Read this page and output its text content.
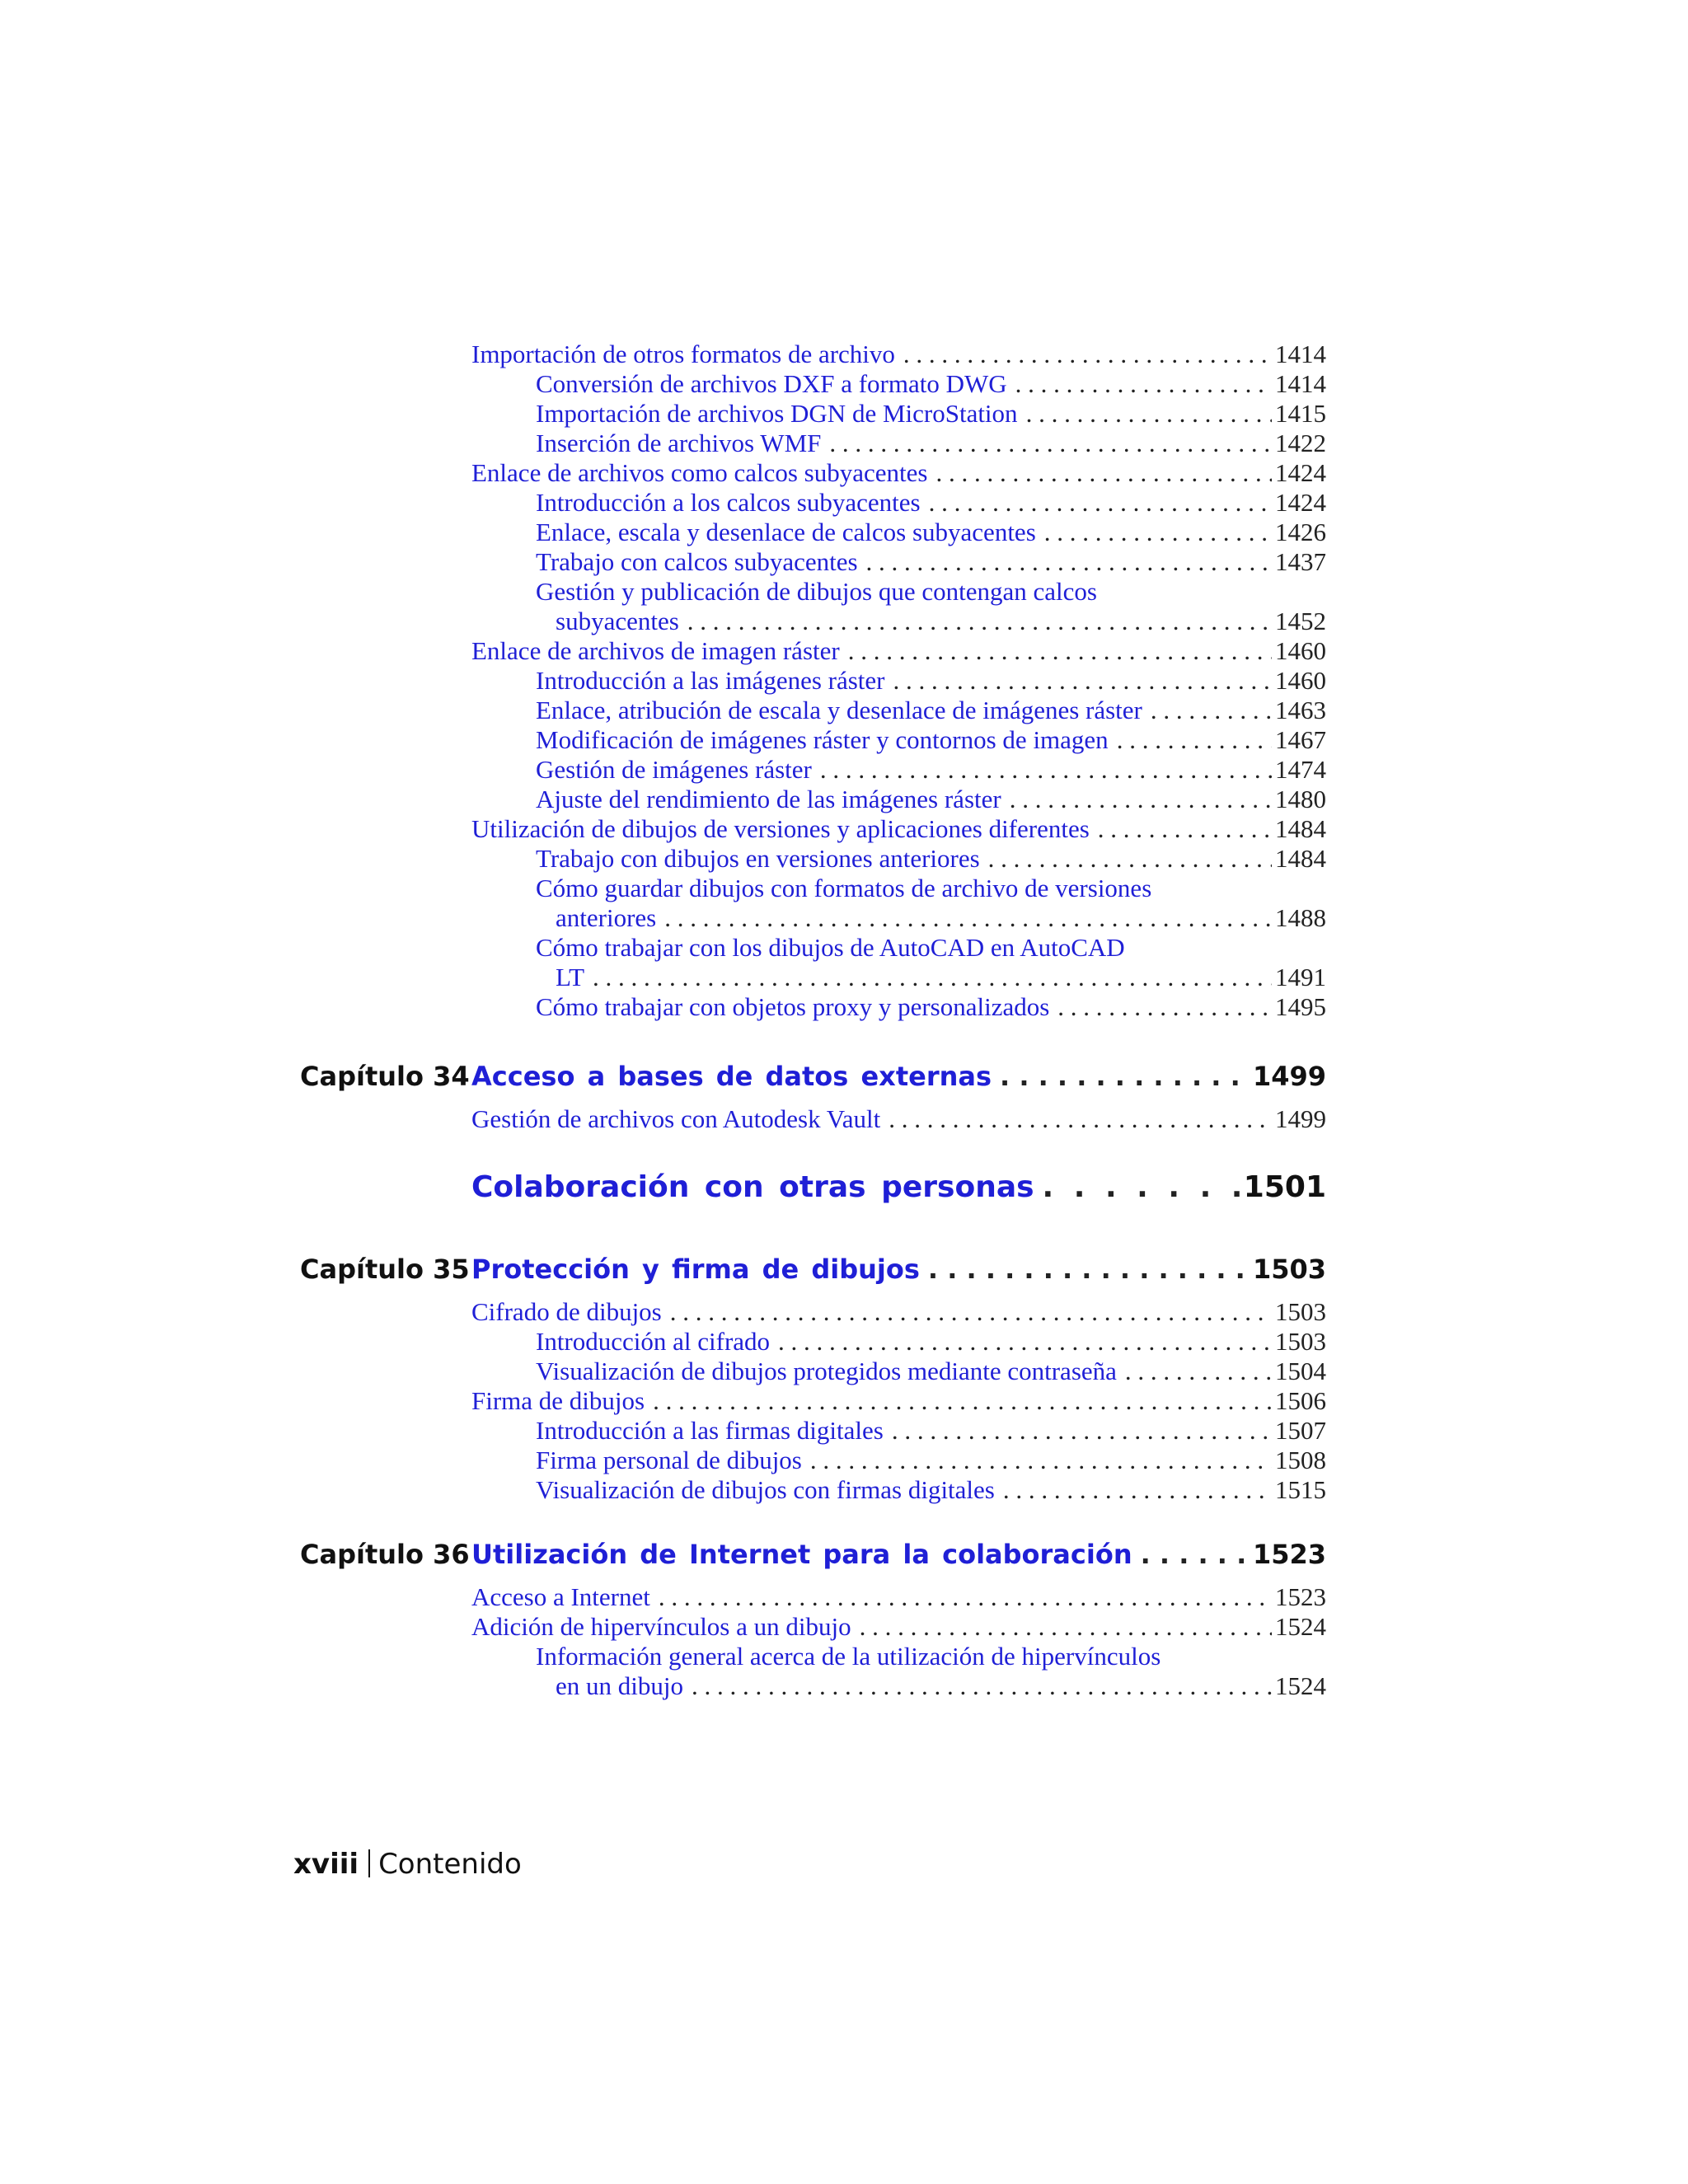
Importación de otros formatos de archivo . . .	1414
Conversión de archivos DXF a formato DWG . . .	1414
Importación de archivos DGN de MicroStation . . .	1415
Inserción de archivos WMF . . .	1422
Enlace de archivos como calcos subyacentes . . .	1424
Introducción a los calcos subyacentes . . .	1424
Enlace, escala y desenlace de calcos subyacentes . . .	1426
Trabajo con calcos subyacentes . . .	1437
Gestión y publicación de dibujos que contengan calcos
subyacentes . . .	1452
Enlace de archivos de imagen ráster . . .	1460
Introducción a las imágenes ráster . . .	1460
Enlace, atribución de escala y desenlace de imágenes ráster . . .	1463
Modificación de imágenes ráster y contornos de imagen . . .	1467
Gestión de imágenes ráster . . .	1474
Ajuste del rendimiento de las imágenes ráster . . .	1480
Utilización de dibujos de versiones y aplicaciones diferentes . . .	1484
Trabajo con dibujos en versiones anteriores . . .	1484
Cómo guardar dibujos con formatos de archivo de versiones
anteriores . . .	1488
Cómo trabajar con los dibujos de AutoCAD en AutoCAD
LT . . .	1491
Cómo trabajar con objetos proxy y personalizados . . .	1495
Capítulo 34 Acceso a bases de datos externas . . .	1499
Gestión de archivos con Autodesk Vault . . .	1499
Colaboración con otras personas . . .	1501
Capítulo 35 Protección y firma de dibujos . . .	1503
Cifrado de dibujos . . .	1503
Introducción al cifrado . . .	1503
Visualización de dibujos protegidos mediante contraseña . . .	1504
Firma de dibujos . . .	1506
Introducción a las firmas digitales . . .	1507
Firma personal de dibujos . . .	1508
Visualización de dibujos con firmas digitales . . .	1515
Capítulo 36 Utilización de Internet para la colaboración . . .	1523
Acceso a Internet . . .	1523
Adición de hipervínculos a un dibujo . . .	1524
Información general acerca de la utilización de hipervínculos
en un dibujo . . .	1524
xviii Contenido
